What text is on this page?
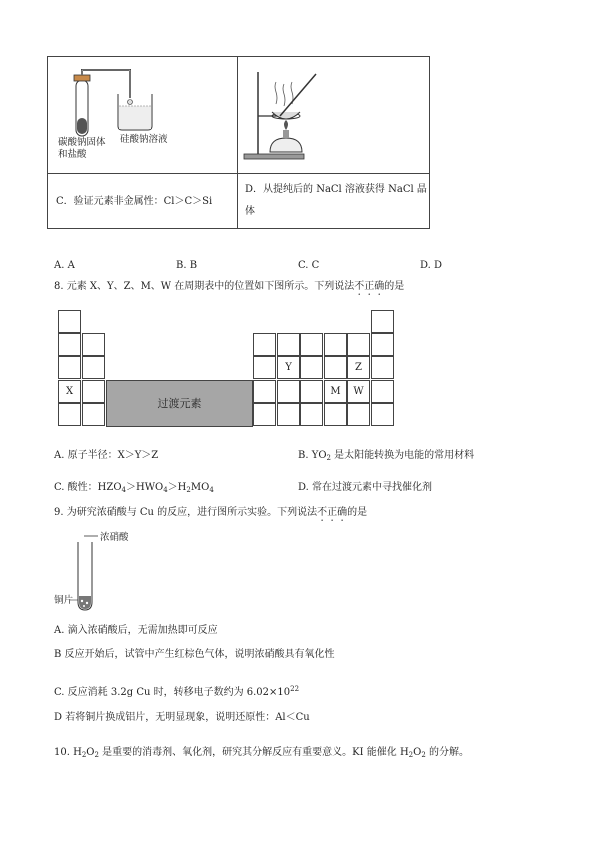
碳酸钠固体
和盐酸
硅酸钠溶液
C．验证元素非金属性：Cl＞C＞Si
D．从提纯后的 NaCl 溶液获得 NaCl 晶
体
A. A	B. B	C. C	D. D
8. 元素 X、Y、Z、M、W 在周期表中的位置如下图所示。下列说法不正确的是
X
过渡元素
Y	Z
M	W
A. 原子半径：X＞Y＞Z	B. $YO_2$ 是太阳能转换为电能的常用材料
C. 酸性：$HZO_4>HWO_4>H_2MO_4$	D. 常在过渡元素中寻找催化剂
9. 为研究浓硝酸与 Cu 的反应，进行图所示实验。下列说法不正确的是
浓硝酸
铜片
A. 滴入浓硝酸后，无需加热即可反应
B 反应开始后，试管中产生红棕色气体，说明浓硝酸具有氧化性
C. 反应消耗 3.2g Cu 时，转移电子数约为 $6.02\times 10^{22}$
D 若将铜片换成铝片，无明显现象，说明还原性：Al＜Cu
10. $H_2O_2$ 是重要的消毒剂、氧化剂，研究其分解反应有重要意义。KI 能催化 $H_2O_2$ 的分解。
